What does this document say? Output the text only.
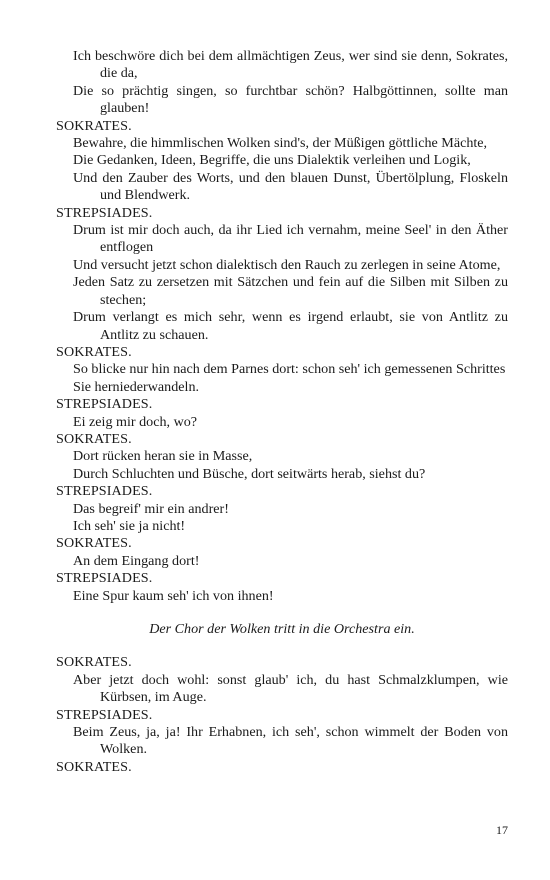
Ich beschwöre dich bei dem allmächtigen Zeus, wer sind sie denn, Sokrates, die da,
Die so prächtig singen, so furchtbar schön? Halbgöttinnen, sollte man glauben!
SOKRATES.
Bewahre, die himmlischen Wolken sind's, der Müßigen göttliche Mächte,
Die Gedanken, Ideen, Begriffe, die uns Dialektik verleihen und Logik,
Und den Zauber des Worts, und den blauen Dunst, Übertölplung, Floskeln und Blendwerk.
STREPSIADES.
Drum ist mir doch auch, da ihr Lied ich vernahm, meine Seel' in den Äther entflogen
Und versucht jetzt schon dialektisch den Rauch zu zerlegen in seine Atome,
Jeden Satz zu zersetzen mit Sätzchen und fein auf die Silben mit Silben zu stechen;
Drum verlangt es mich sehr, wenn es irgend erlaubt, sie von Antlitz zu Antlitz zu schauen.
SOKRATES.
So blicke nur hin nach dem Parnes dort: schon seh' ich gemessenen Schrittes
Sie herniederwandeln.
STREPSIADES.
Ei zeig mir doch, wo?
SOKRATES.
Dort rücken heran sie in Masse,
Durch Schluchten und Büsche, dort seitwärts herab, siehst du?
STREPSIADES.
Das begreif' mir ein andrer!
Ich seh' sie ja nicht!
SOKRATES.
An dem Eingang dort!
STREPSIADES.
Eine Spur kaum seh' ich von ihnen!
Der Chor der Wolken tritt in die Orchestra ein.
SOKRATES.
Aber jetzt doch wohl: sonst glaub' ich, du hast Schmalzklumpen, wie Kürbsen, im Auge.
STREPSIADES.
Beim Zeus, ja, ja! Ihr Erhabnen, ich seh', schon wimmelt der Boden von Wolken.
SOKRATES.
17
